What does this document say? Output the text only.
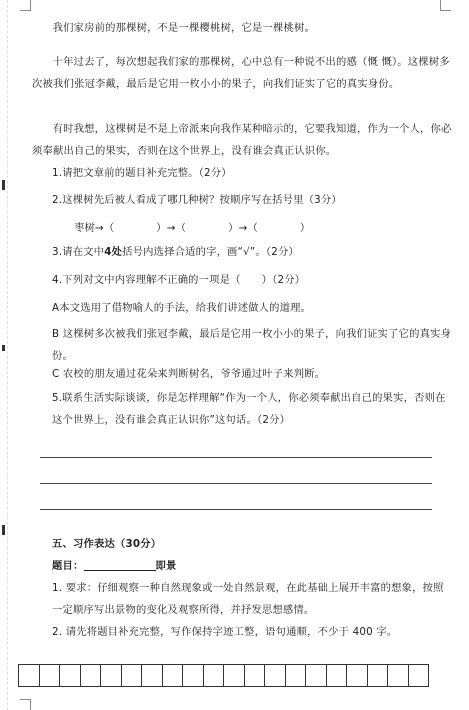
我们家房前的那棵树，不是一棵樱桃树，它是一棵桃树。
十年过去了，每次想起我们家的那棵树，心中总有一种说不出的感（慨 慨）。这棵树多次被我们张冠李戴，最后是它用一枚小小的果子，向我们证实了它的真实身份。
有时我想，这棵树是不是上帝派来向我作某种暗示的，它要我知道，作为一个人，你必须奉献出自己的果实，否则在这个世界上，没有谁会真正认识你。
1.请把文章前的题目补充完整。（2分）
2.这棵树先后被人看成了哪几种树？按顺序写在括号里（3分）
枣树→（　　　　）→（　　　　）→（　　　　）
3.请在文中4处括号内选择合适的字，画“√”。（2分）
4.下列对文中内容理解不正确的一项是（　　）（2分）
A本文选用了借物喻人的手法，给我们讲述做人的道理。
B 这棵树多次被我们张冠李戴，最后是它用一枚小小的果子，向我们证实了它的真实身份。
C 农校的朋友通过花朵来判断树名，爷爷通过叶子来判断。
5.联系生活实际谈谈，你是怎样理解“作为一个人，你必须奉献出自己的果实，否则在这个世界上，没有谁会真正认识你”这句话。（2分）
五、习作表达（30分）
题目：	即景
1. 要求：仔细观察一种自然现象或一处自然景观，在此基础上展开丰富的想象，按照一定顺序写出景物的变化及观察所得，并抒发思想感情。
2. 请先将题目补充完整，写作保持字迹工整，语句通顺，不少于 400 字。
